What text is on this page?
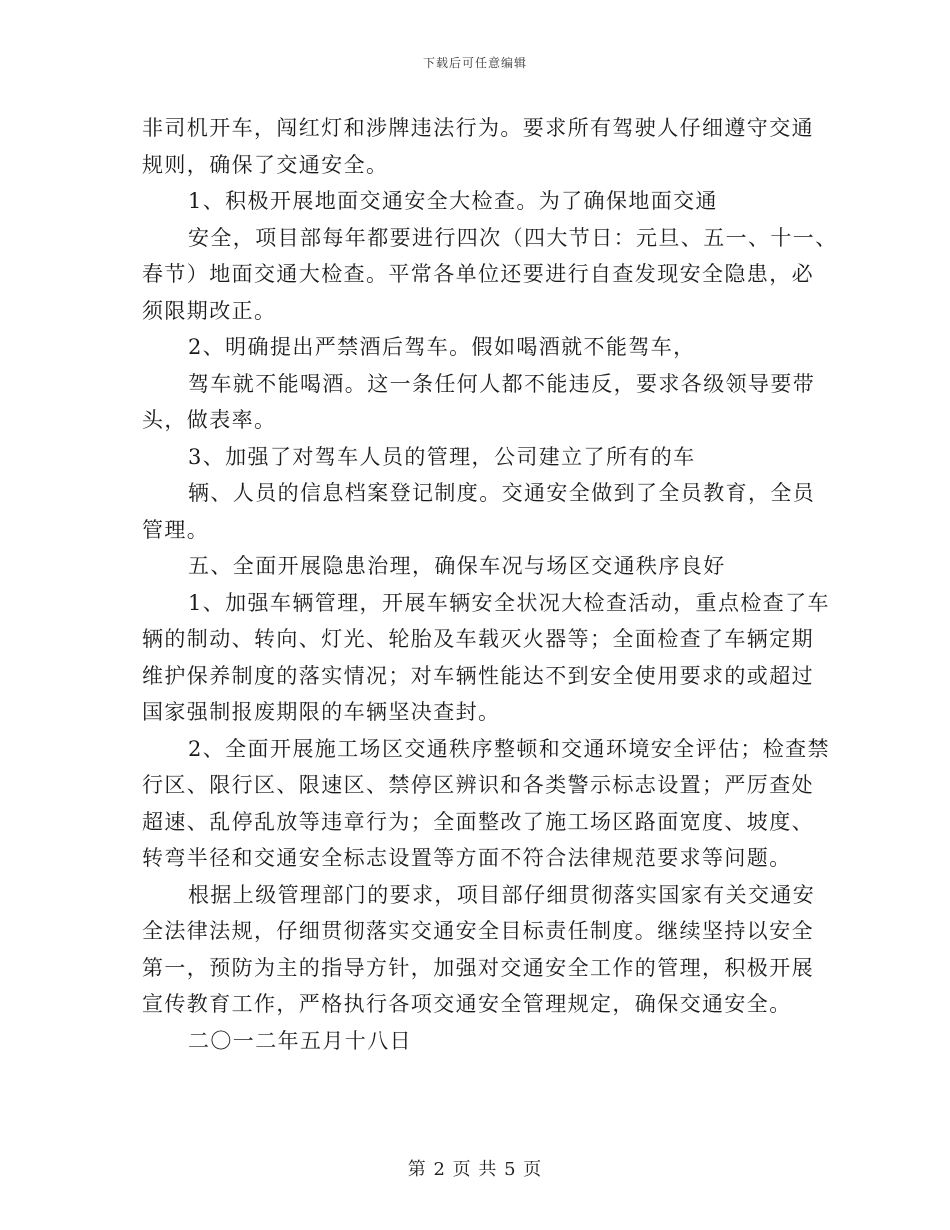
下载后可任意编辑
非司机开车，闯红灯和涉牌违法行为。要求所有驾驶人仔细遵守交通
规则，确保了交通安全。
1、积极开展地面交通安全大检查。为了确保地面交通
安全，项目部每年都要进行四次（四大节日：元旦、五一、十一、
春节）地面交通大检查。平常各单位还要进行自查发现安全隐患，必
须限期改正。
2、明确提出严禁酒后驾车。假如喝酒就不能驾车，
驾车就不能喝酒。这一条任何人都不能违反，要求各级领导要带
头，做表率。
3、加强了对驾车人员的管理，公司建立了所有的车
辆、人员的信息档案登记制度。交通安全做到了全员教育，全员
管理。
五、全面开展隐患治理，确保车况与场区交通秩序良好
1、加强车辆管理，开展车辆安全状况大检查活动，重点检查了车
辆的制动、转向、灯光、轮胎及车载灭火器等；全面检查了车辆定期
维护保养制度的落实情况；对车辆性能达不到安全使用要求的或超过
国家强制报废期限的车辆坚决查封。
2、全面开展施工场区交通秩序整顿和交通环境安全评估；检查禁
行区、限行区、限速区、禁停区辨识和各类警示标志设置；严厉查处
超速、乱停乱放等违章行为；全面整改了施工场区路面宽度、坡度、
转弯半径和交通安全标志设置等方面不符合法律规范要求等问题。
根据上级管理部门的要求，项目部仔细贯彻落实国家有关交通安
全法律法规，仔细贯彻落实交通安全目标责任制度。继续坚持以安全
第一，预防为主的指导方针，加强对交通安全工作的管理，积极开展
宣传教育工作，严格执行各项交通安全管理规定，确保交通安全。
二〇一二年五月十八日
第 2 页 共 5 页
